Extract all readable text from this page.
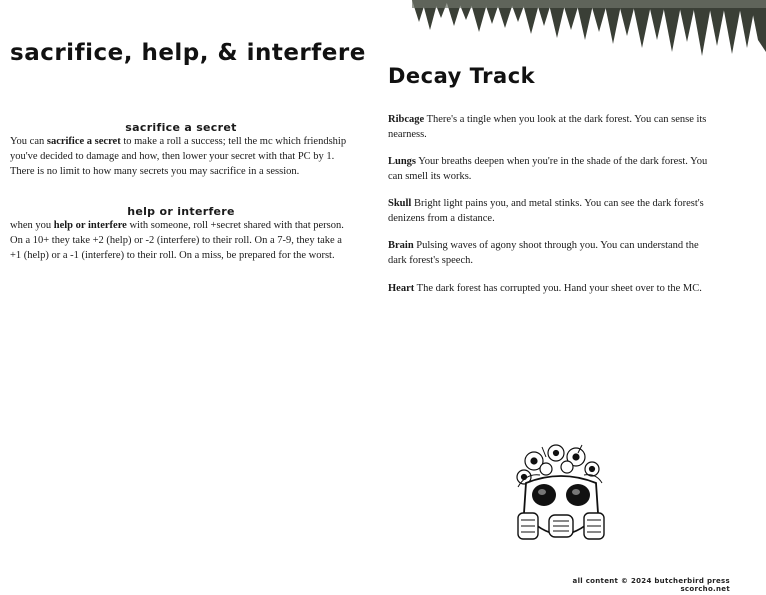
sacrifice, help, & interfere
sacrifice a secret

You can sacrifice a secret to make a roll a success; tell the mc which friendship you've decided to damage and how, then lower your secret with that PC by 1. There is no limit to how many secrets you may sacrifice in a session.

help or interfere

when you help or interfere with someone, roll +secret shared with that person. On a 10+ they take +2 (help) or -2 (interfere) to their roll. On a 7-9, they take a +1 (help) or a -1 (interfere) to their roll. On a miss, be prepared for the worst.

Decay Track

Ribcage There's a tingle when you look at the dark forest. You can sense its nearness.

Lungs Your breaths deepen when you're in the shade of the dark forest. You can smell its works.

Skull Bright light pains you, and metal stinks. You can see the dark forest's denizens from a distance.

Brain Pulsing waves of agony shoot through you. You can understand the dark forest's speech.

Heart The dark forest has corrupted you. Hand your sheet over to the MC.

all content © 2024 butcherbird press
scorcho.net
